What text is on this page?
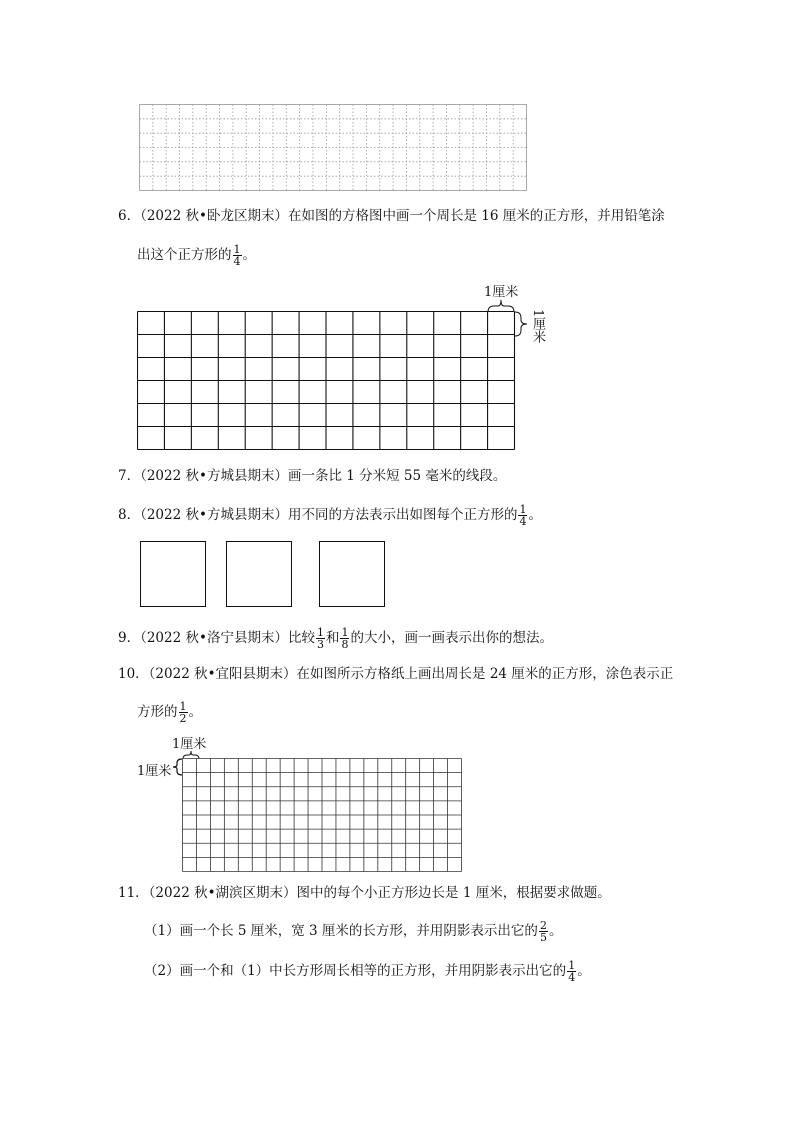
6．（2022 秋•卧龙区期末）在如图的方格图中画一个周长是 16 厘米的正方形，并用铅笔涂
出这个正方形的 $\frac{1}{4}$ 。
1厘米
1厘米
7．（2022 秋•方城县期末）画一条比 1 分米短 55 毫米的线段。
8．（2022 秋•方城县期末）用不同的方法表示出如图每个正方形的 $\frac{1}{4}$ 。
9．（2022 秋•洛宁县期末）比较 $\frac{1}{3}$ 和 $\frac{1}{8}$ 的大小，画一画表示出你的想法。
10．（2022 秋•宜阳县期末）在如图所示方格纸上画出周长是 24 厘米的正方形，涂色表示正
方形的 $\frac{1}{2}$ 。
1厘米
1厘米
11．（2022 秋•湖滨区期末）图中的每个小正方形边长是 1 厘米，根据要求做题。
（1）画一个长 5 厘米，宽 3 厘米的长方形，并用阴影表示出它的 $\frac{2}{5}$ 。
（2）画一个和（1）中长方形周长相等的正方形，并用阴影表示出它的 $\frac{1}{4}$ 。
